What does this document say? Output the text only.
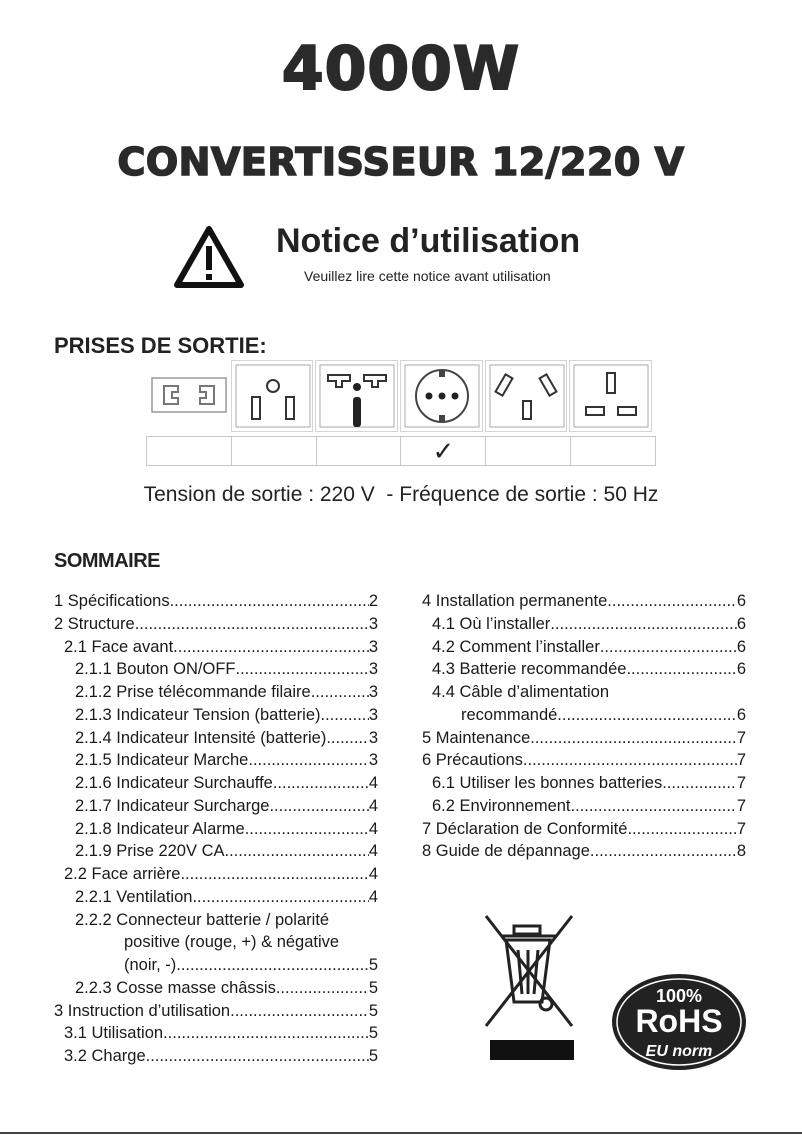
4000W
CONVERTISSEUR 12/220 V
Notice d’utilisation
Veuillez lire cette notice avant utilisation
PRISES DE SORTIE:
✓
Tension de sortie : 220 V  - Fréquence de sortie : 50 Hz
SOMMAIRE
1 Spécifications .....	2
2 Structure .....	3
2.1 Face avant .....	3
2.1.1 Bouton ON/OFF .....	3
2.1.2 Prise télécommande filaire .....	3
2.1.3 Indicateur Tension (batterie) .....	3
2.1.4 Indicateur Intensité (batterie) .....	3
2.1.5 Indicateur Marche .....	3
2.1.6 Indicateur Surchauffe .....	4
2.1.7 Indicateur Surcharge .....	4
2.1.8 Indicateur Alarme .....	4
2.1.9 Prise 220V CA .....	4
2.2 Face arrière .....	4
2.2.1 Ventilation .....	4
2.2.2 Connecteur batterie / polarité
positive (rouge, +) & négative
(noir, -) .....	5
2.2.3 Cosse masse châssis .....	5
3 Instruction d’utilisation .....	5
3.1 Utilisation .....	5
3.2 Charge .....	5
4 Installation permanente .....	6
4.1 Où l’installer .....	6
4.2 Comment l’installer .....	6
4.3 Batterie recommandée .....	6
4.4 Câble d’alimentation
recommandé .....	6
5 Maintenance .....	7
6 Précautions .....	7
6.1 Utiliser les bonnes batteries .....	7
6.2 Environnement .....	7
7 Déclaration de Conformité .....	7
8 Guide de dépannage .....	8
100%
RoHS
EU norm
